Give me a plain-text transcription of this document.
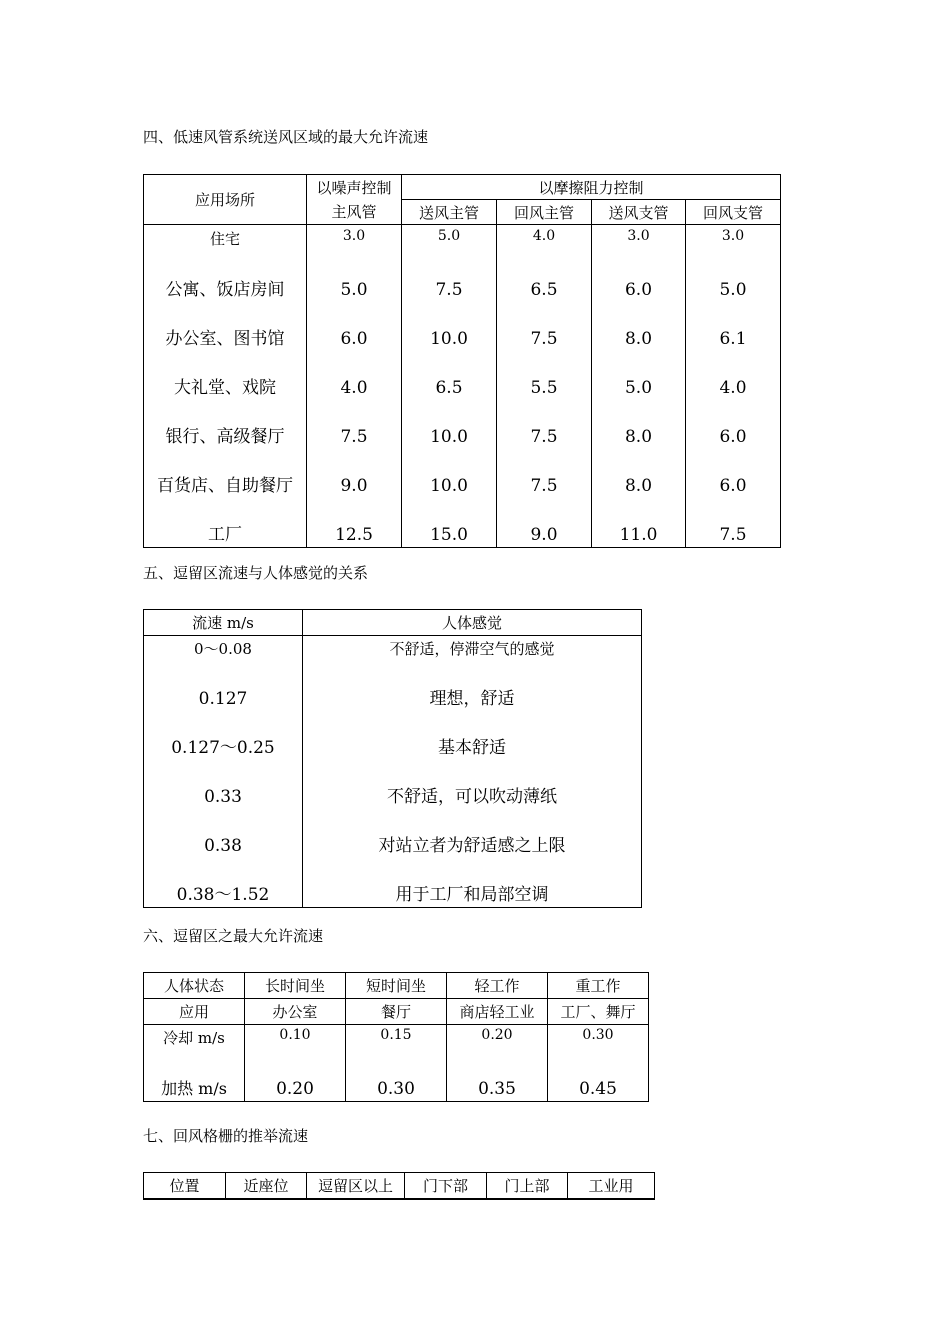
四、低速风管系统送风区域的最大允许流速
应用场所	以噪声控制	以摩擦阻力控制			
	主风管	送风主管	回风主管	送风支管	回风支管
住宅	3.0	5.0	4.0	3.0	3.0
公寓、饭店房间	5.0	7.5	6.5	6.0	5.0
办公室、图书馆	6.0	10.0	7.5	8.0	6.1
大礼堂、戏院	4.0	6.5	5.5	5.0	4.0
银行、高级餐厅	7.5	10.0	7.5	8.0	6.0
百货店、自助餐厅	9.0	10.0	7.5	8.0	6.0
工厂	12.5	15.0	9.0	11.0	7.5
五、逗留区流速与人体感觉的关系
流速 m/s	人体感觉
0～0.08	不舒适，停滞空气的感觉
0.127	理想，舒适
0.127～0.25	基本舒适
0.33	不舒适，可以吹动薄纸
0.38	对站立者为舒适感之上限
0.38～1.52	用于工厂和局部空调
六、逗留区之最大允许流速
人体状态	长时间坐	短时间坐	轻工作	重工作
应用	办公室	餐厅	商店轻工业	工厂、舞厅
冷却 m/s	0.10	0.15	0.20	0.30
加热 m/s	0.20	0.30	0.35	0.45
七、回风格栅的推举流速
位置	近座位	逗留区以上	门下部	门上部	工业用
